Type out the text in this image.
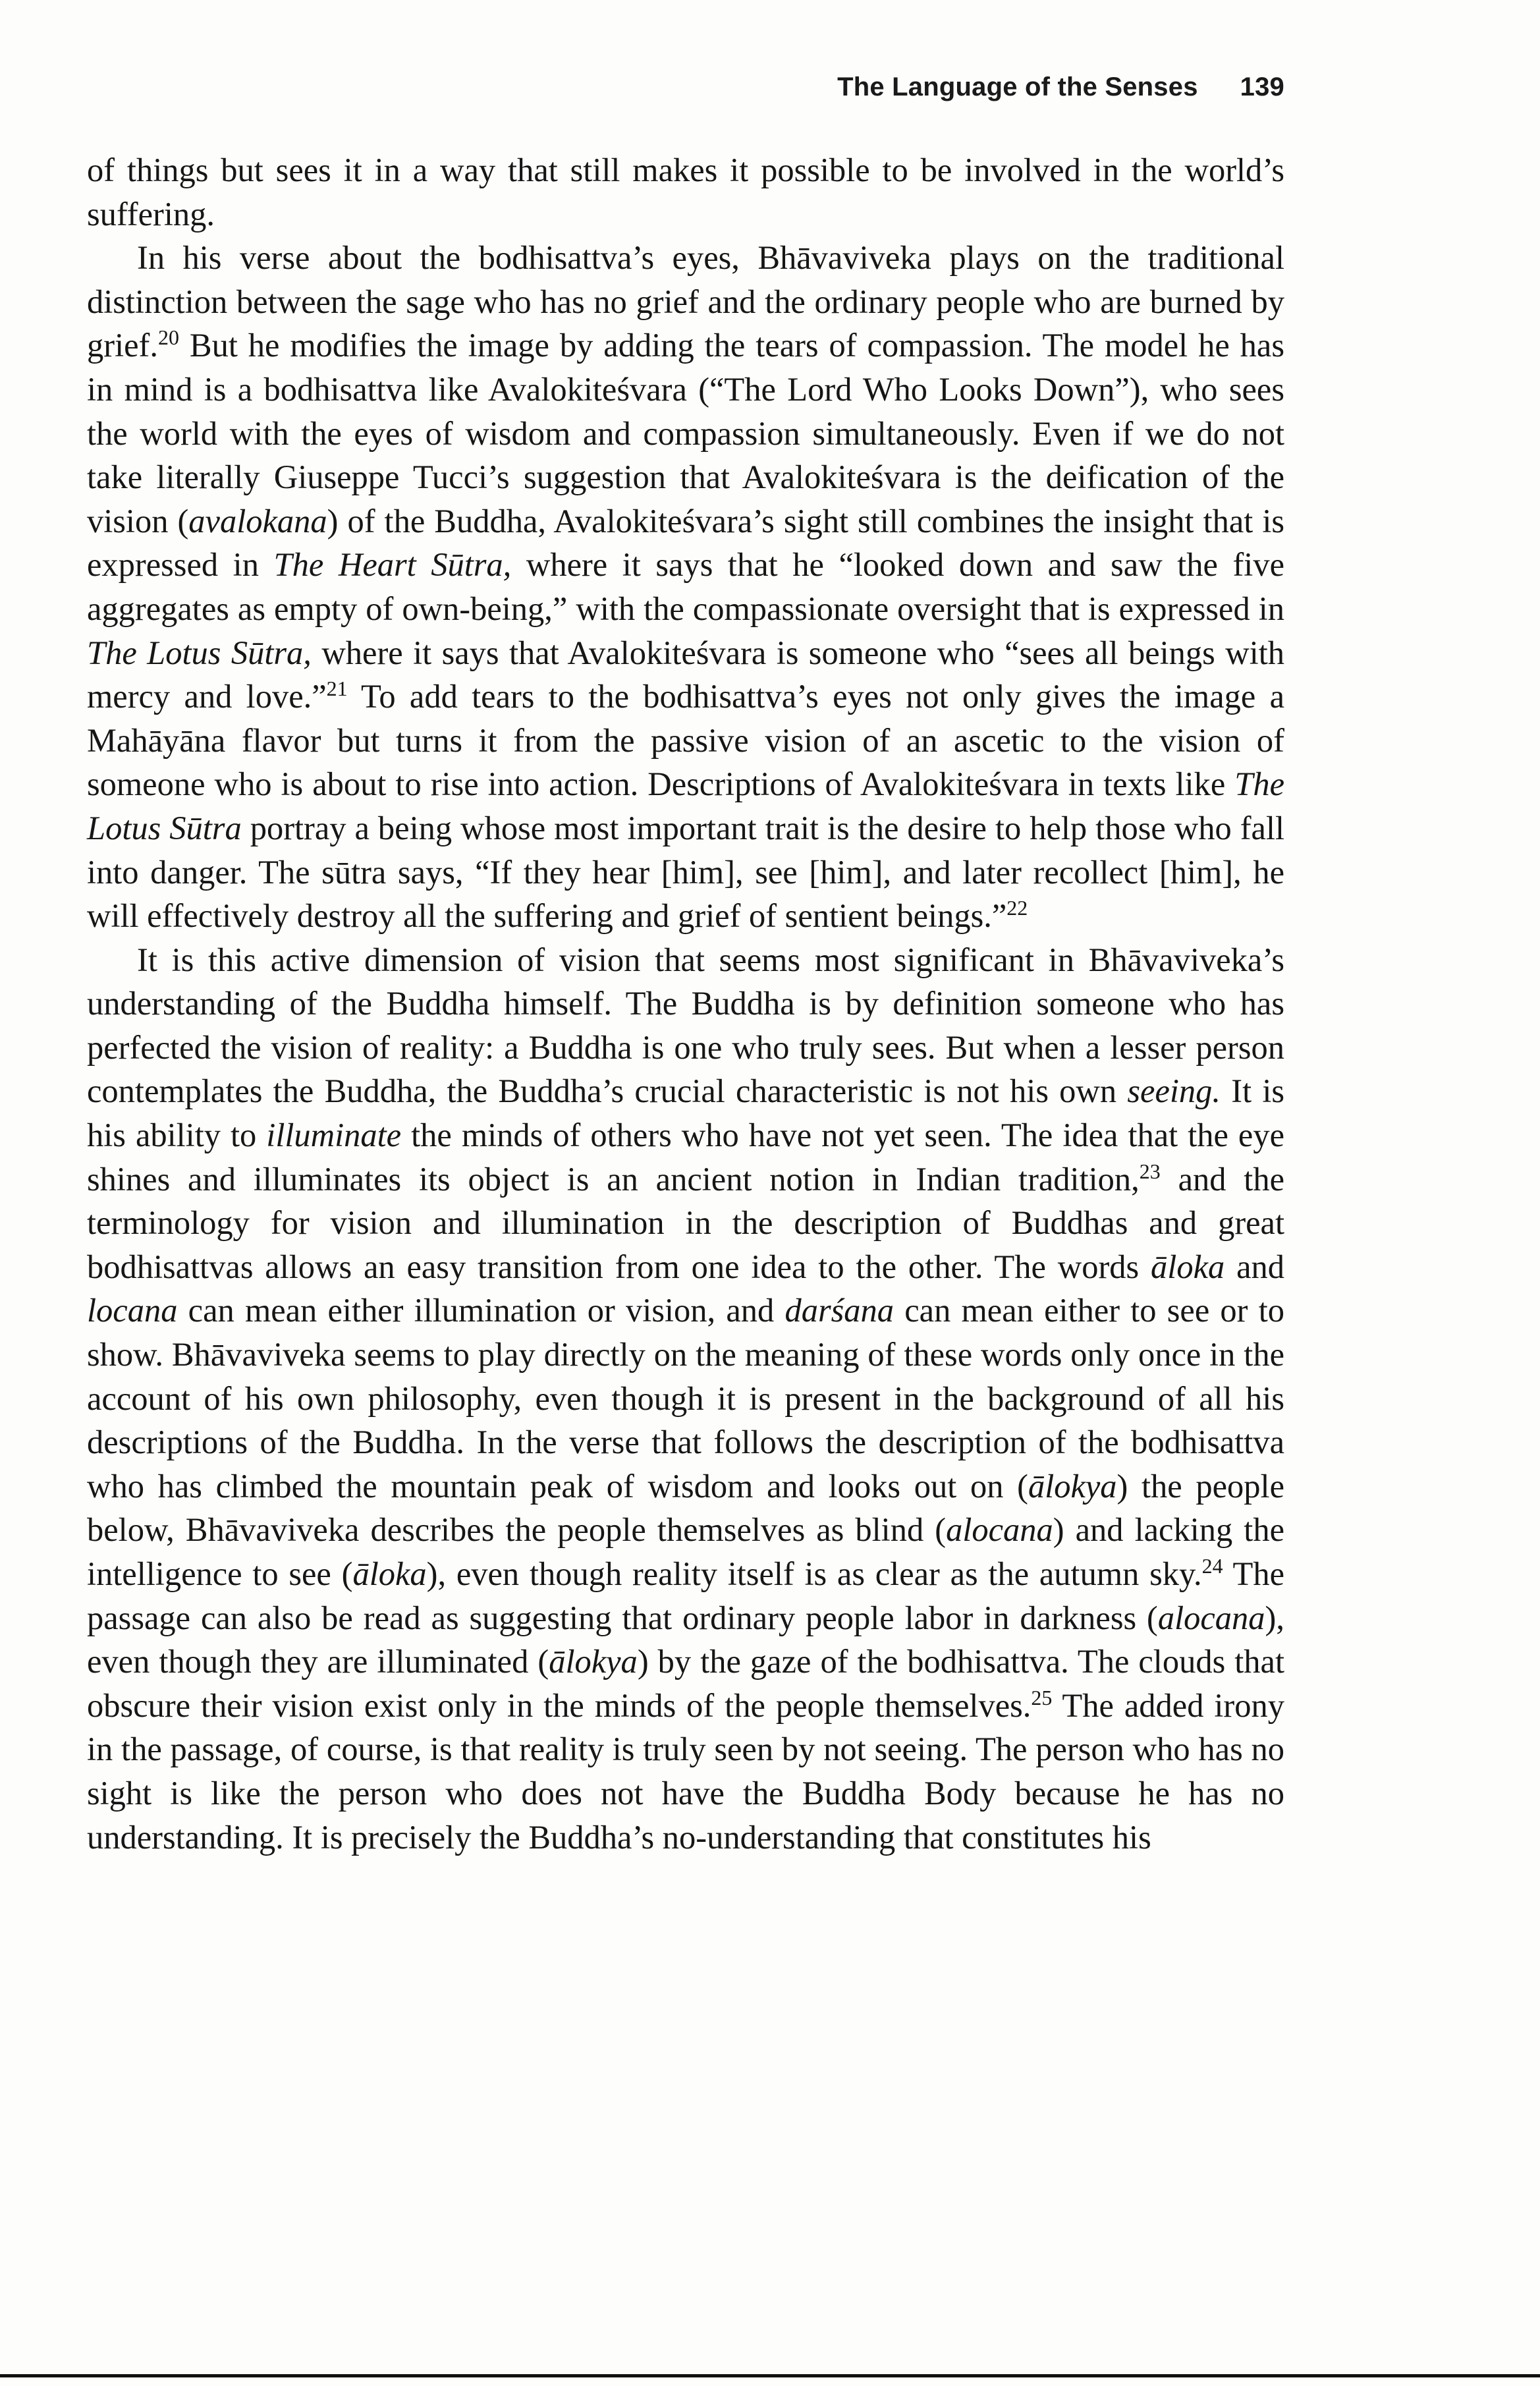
The Language of the Senses 139

of things but sees it in a way that still makes it possible to be involved in the world’s suffering.

In his verse about the bodhisattva’s eyes, Bhāvaviveka plays on the traditional distinction between the sage who has no grief and the ordinary people who are burned by grief.$^{20}$ But he modifies the image by adding the tears of compassion. The model he has in mind is a bodhisattva like Avalokiteśvara (“The Lord Who Looks Down”), who sees the world with the eyes of wisdom and compassion simultaneously. Even if we do not take literally Giuseppe Tucci’s suggestion that Avalokiteśvara is the deification of the vision (avalokana) of the Buddha, Avalokiteśvara’s sight still combines the insight that is expressed in The Heart Sūtra, where it says that he “looked down and saw the five aggregates as empty of own-being,” with the compassionate oversight that is expressed in The Lotus Sūtra, where it says that Avalokiteśvara is someone who “sees all beings with mercy and love.”$^{21}$ To add tears to the bodhisattva’s eyes not only gives the image a Mahāyāna flavor but turns it from the passive vision of an ascetic to the vision of someone who is about to rise into action. Descriptions of Avalokiteśvara in texts like The Lotus Sūtra portray a being whose most important trait is the desire to help those who fall into danger. The sūtra says, “If they hear [him], see [him], and later recollect [him], he will effectively destroy all the suffering and grief of sentient beings.”$^{22}$

It is this active dimension of vision that seems most significant in Bhāvaviveka’s understanding of the Buddha himself. The Buddha is by definition someone who has perfected the vision of reality: a Buddha is one who truly sees. But when a lesser person contemplates the Buddha, the Buddha’s crucial characteristic is not his own seeing. It is his ability to illuminate the minds of others who have not yet seen. The idea that the eye shines and illuminates its object is an ancient notion in Indian tradition,$^{23}$ and the terminology for vision and illumination in the description of Buddhas and great bodhisattvas allows an easy transition from one idea to the other. The words āloka and locana can mean either illumination or vision, and darśana can mean either to see or to show. Bhāvaviveka seems to play directly on the meaning of these words only once in the account of his own philosophy, even though it is present in the background of all his descriptions of the Buddha. In the verse that follows the description of the bodhisattva who has climbed the mountain peak of wisdom and looks out on (ālokya) the people below, Bhāvaviveka describes the people themselves as blind (alocana) and lacking the intelligence to see (āloka), even though reality itself is as clear as the autumn sky.$^{24}$ The passage can also be read as suggesting that ordinary people labor in darkness (alocana), even though they are illuminated (ālokya) by the gaze of the bodhisattva. The clouds that obscure their vision exist only in the minds of the people themselves.$^{25}$ The added irony in the passage, of course, is that reality is truly seen by not seeing. The person who has no sight is like the person who does not have the Buddha Body because he has no understanding. It is precisely the Buddha’s no-understanding that constitutes his
